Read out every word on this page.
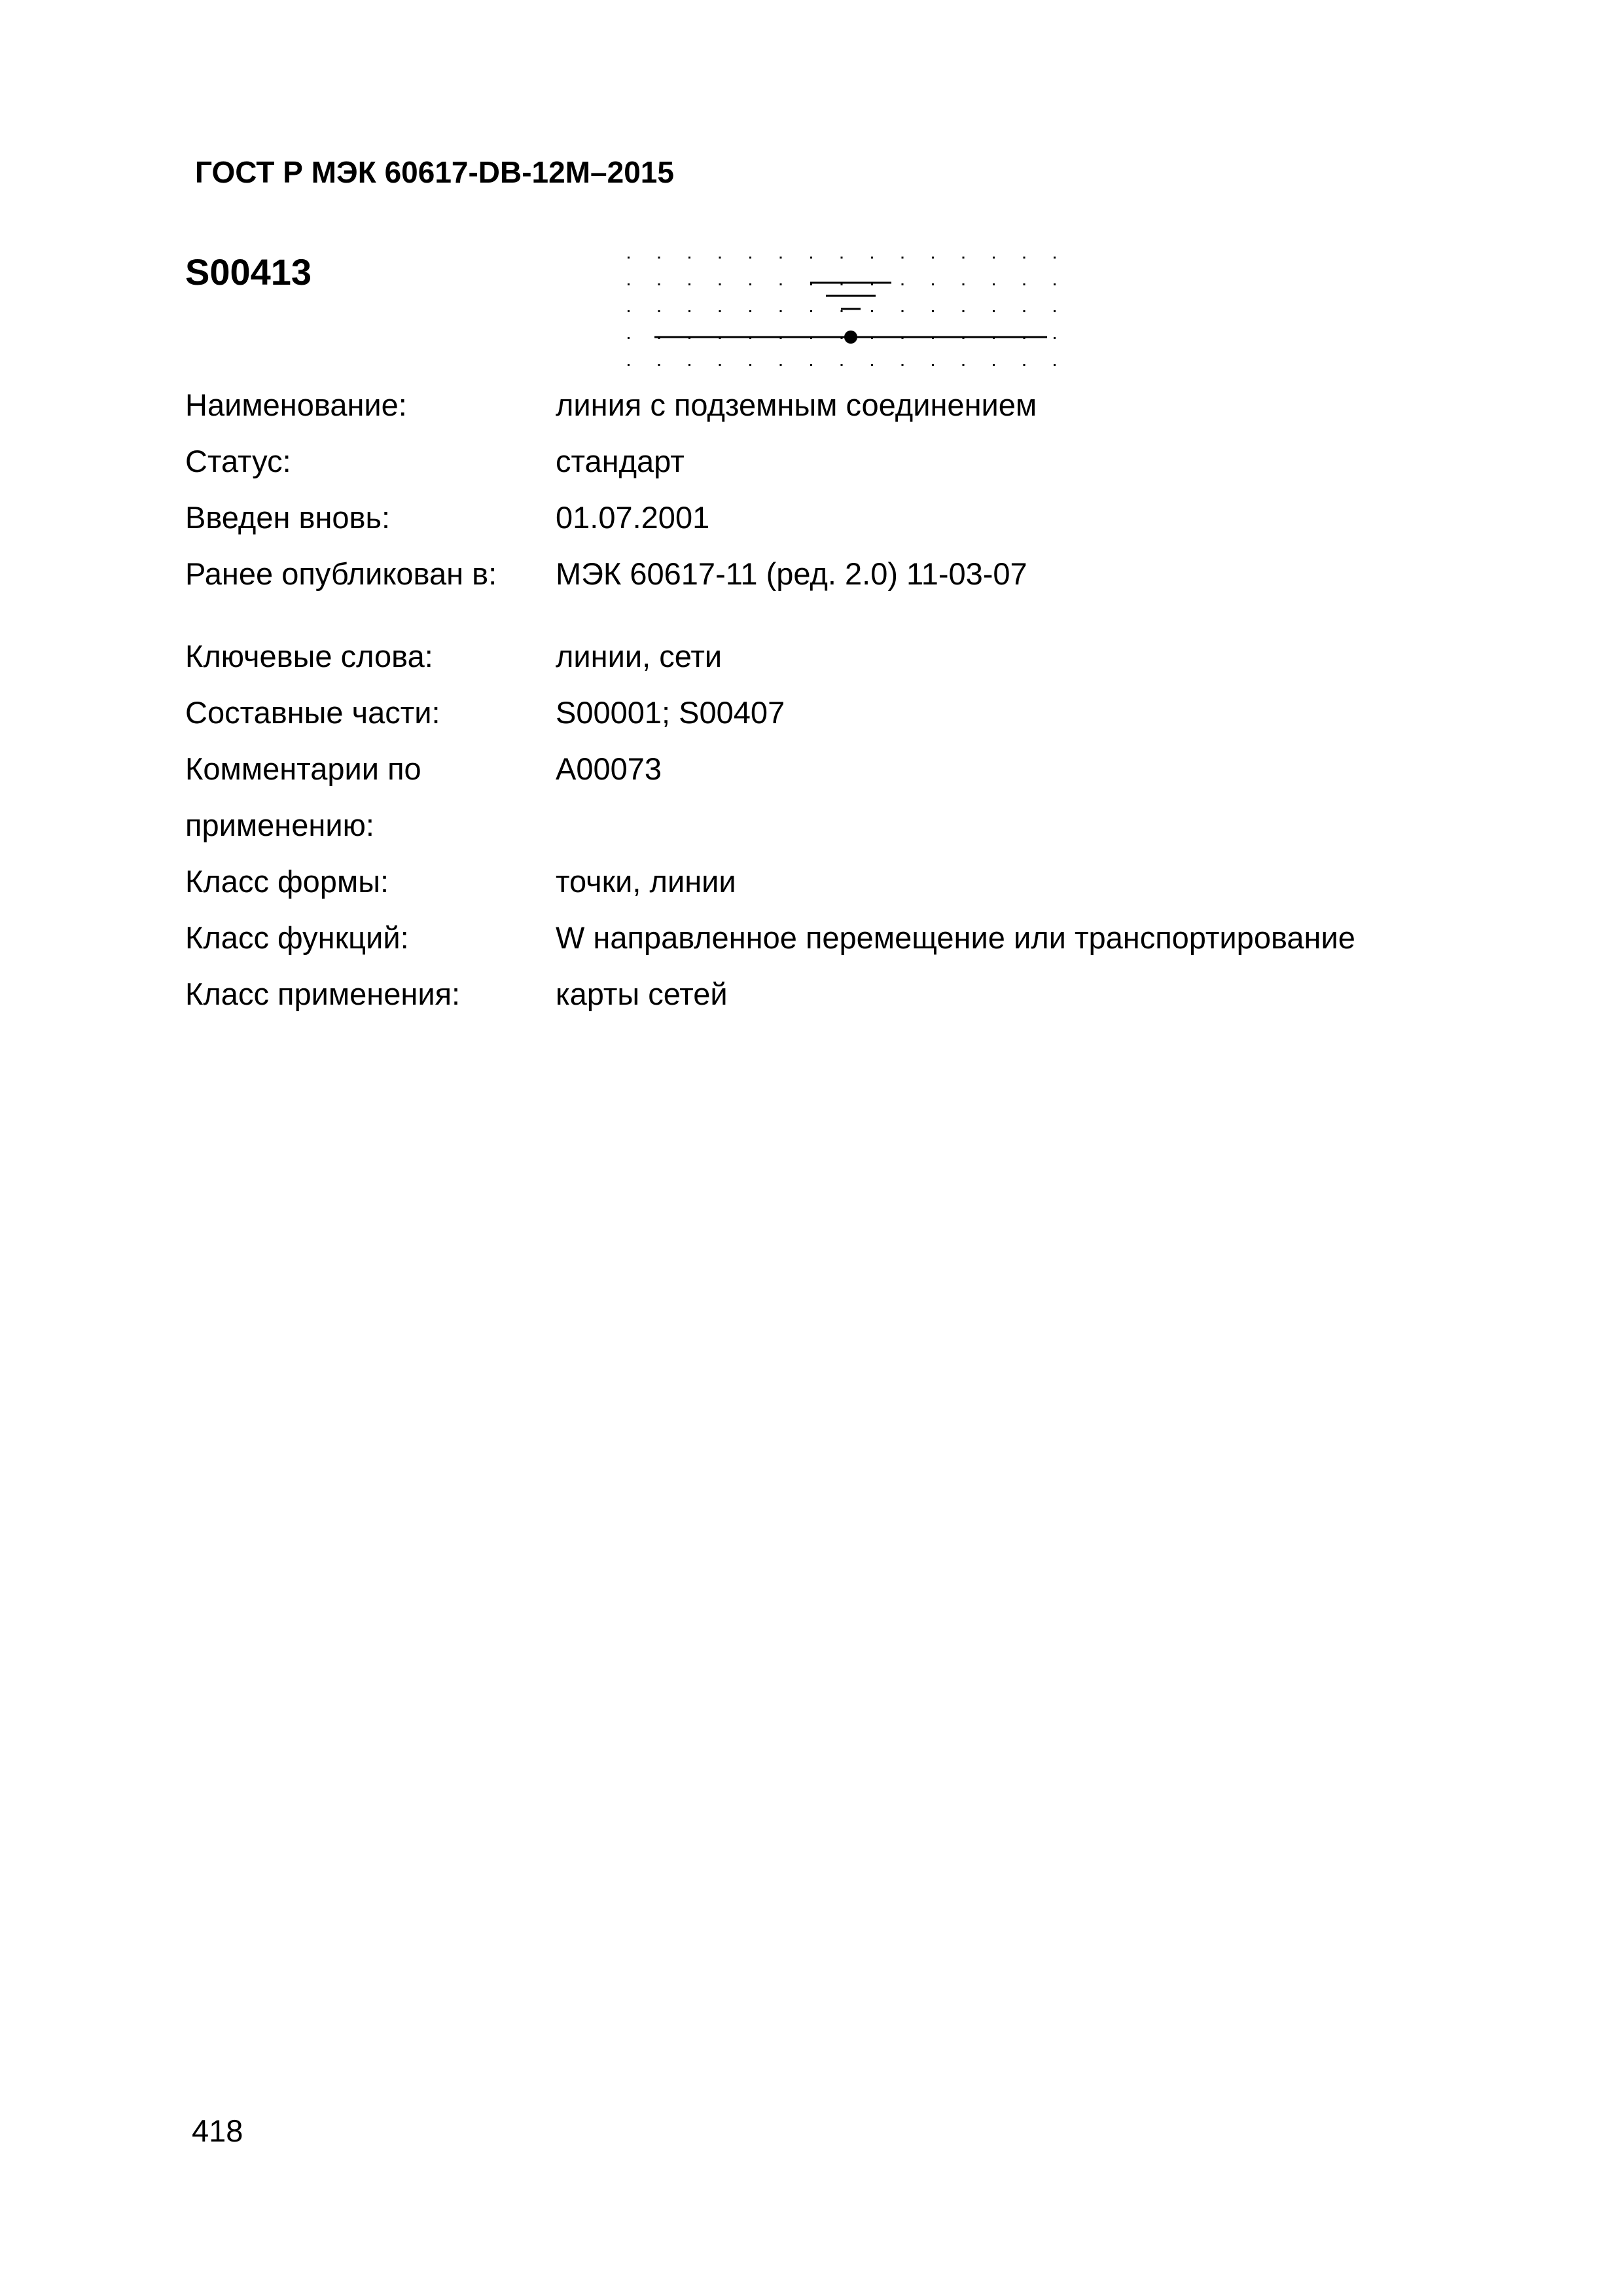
ГОСТ Р МЭК 60617-DB-12M–2015
S00413
Наименование:	линия с подземным соединением
Статус:	стандарт
Введен вновь:	01.07.2001
Ранее опубликован в: МЭК 60617-11 (ред. 2.0) 11-03-07
Ключевые слова:	линии, сети
Составные части:	S00001; S00407
Комментарии по	A00073
применению:
Класс формы:	точки, линии
Класс функций:	W направленное перемещение или транспортирование
Класс применения:	карты сетей
418
